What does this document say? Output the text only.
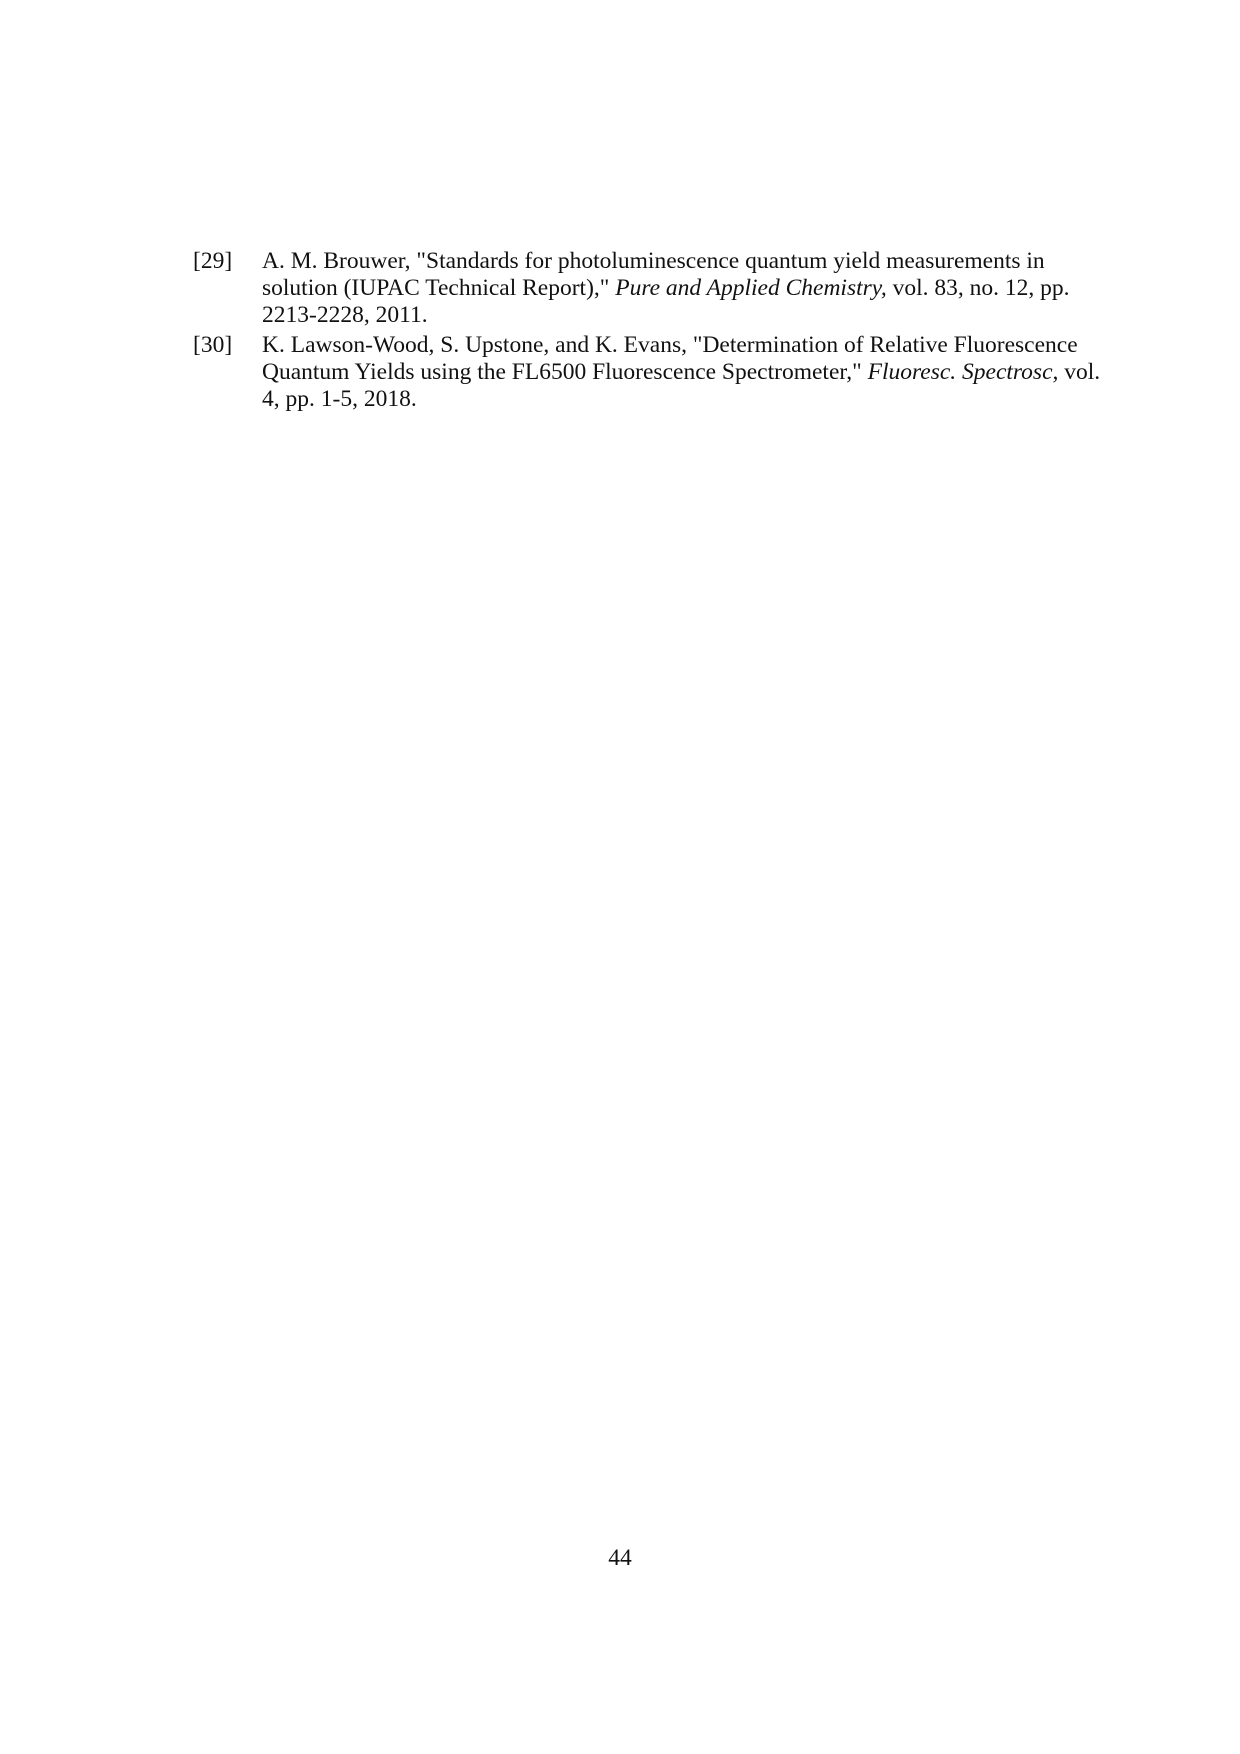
[29]	A. M. Brouwer, "Standards for photoluminescence quantum yield measurements in solution (IUPAC Technical Report)," Pure and Applied Chemistry, vol. 83, no. 12, pp. 2213-2228, 2011.
[30]	K. Lawson-Wood, S. Upstone, and K. Evans, "Determination of Relative Fluorescence Quantum Yields using the FL6500 Fluorescence Spectrometer," Fluoresc. Spectrosc, vol. 4, pp. 1-5, 2018.
44
